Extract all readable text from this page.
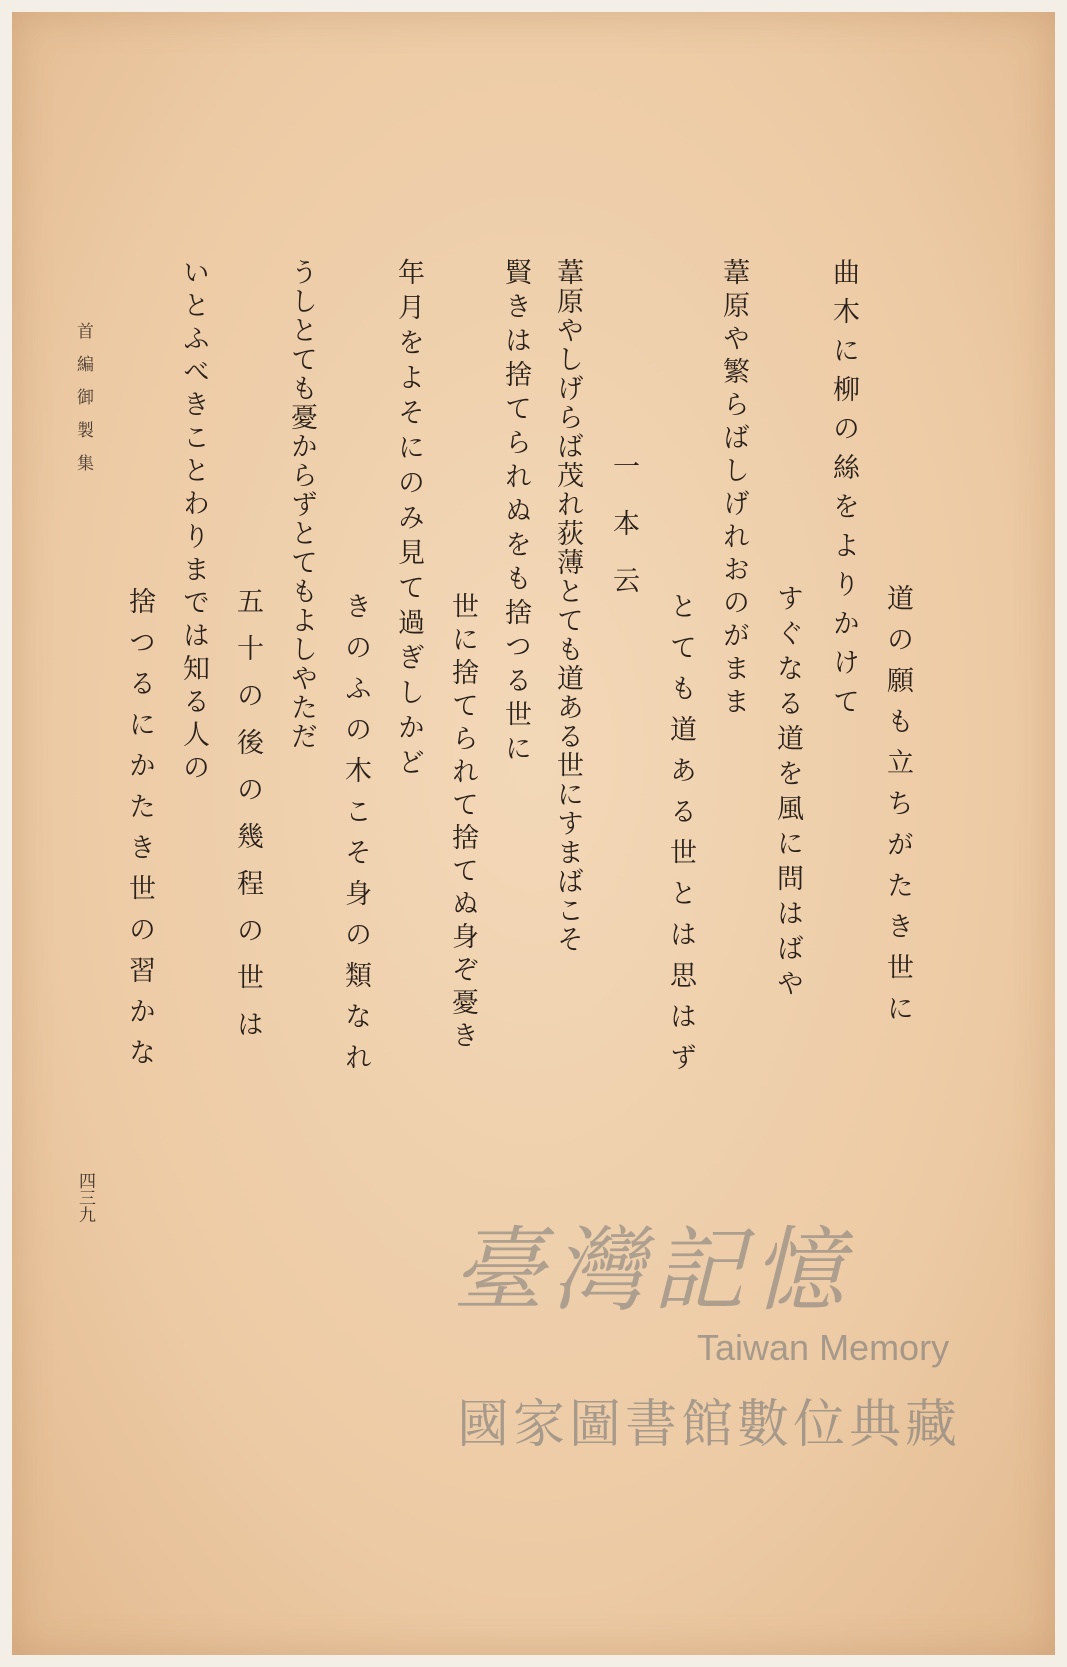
道の願も立ちがたき世に
曲木に柳の絲をよりかけて
すぐなる道を風に問はばや
葦原や繁らばしげれおのがまま
とても道ある世とは思はず
一本云
葦原やしげらば茂れ荻薄とても道ある世にすまばこそ
賢きは捨てられぬをも捨つる世に
世に捨てられて捨てぬ身ぞ憂き
年月をよそにのみ見て過ぎしかど
きのふの木こそ身の類なれ
うしとても憂からずとてもよしやただ
五十の後の幾程の世は
いとふべきことわりまでは知る人の
捨つるにかたき世の習かな
首編御製集
四三九
臺灣記憶
Taiwan Memory
國家圖書館數位典藏
